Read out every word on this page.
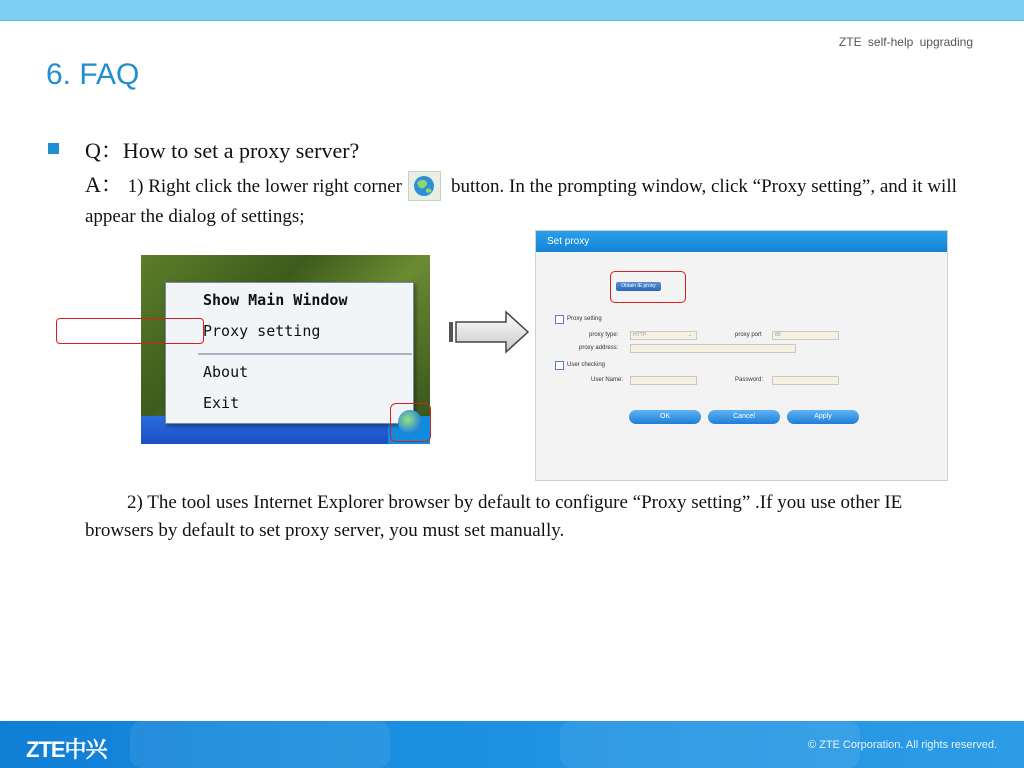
ZTE self-help upgrading
6. FAQ
Q：How to set a proxy server?
A： 1) Right click the lower right corner	button. In the prompting window, click “Proxy setting”, and it will appear the dialog of settings;
Show Main Window
Proxy setting
About
Exit
Set proxy
Obtain IE proxy
Proxy setting
proxy type:	HTTP	⌄	proxy port	80
proxy address:
User checking
User Name:	Password:
OK	Cancel	Apply
2) The tool uses Internet Explorer browser by default to configure “Proxy setting” .If you use other IE browsers by default to set proxy server, you must set manually.
ZTE中兴	© ZTE Corporation. All rights reserved.
